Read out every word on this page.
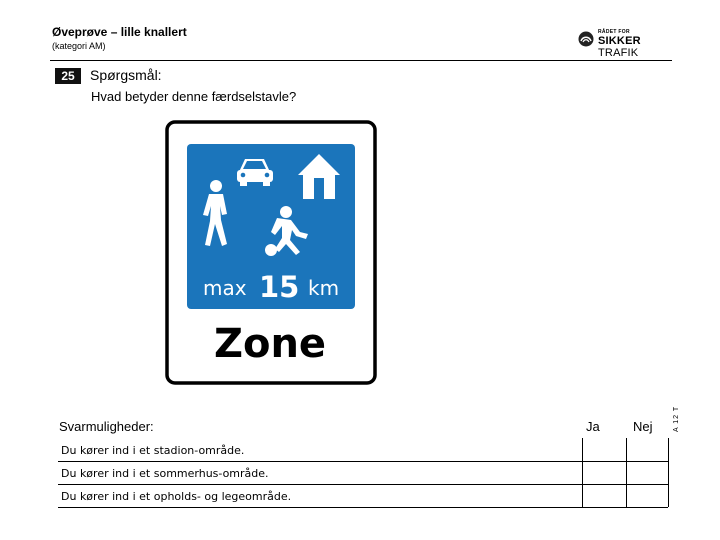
Øveprøve – lille knallert
(kategori AM)
RÅDET FOR
SIKKER TRAFIK
25	Spørgsmål:
Hvad betyder denne færdselstavle?
max 15 km
Zone
Svarmuligheder:	Ja	Nej	A 12 T
Du kører ind i et stadion-område.
Du kører ind i et sommerhus-område.
Du kører ind i et opholds- og legeområde.
